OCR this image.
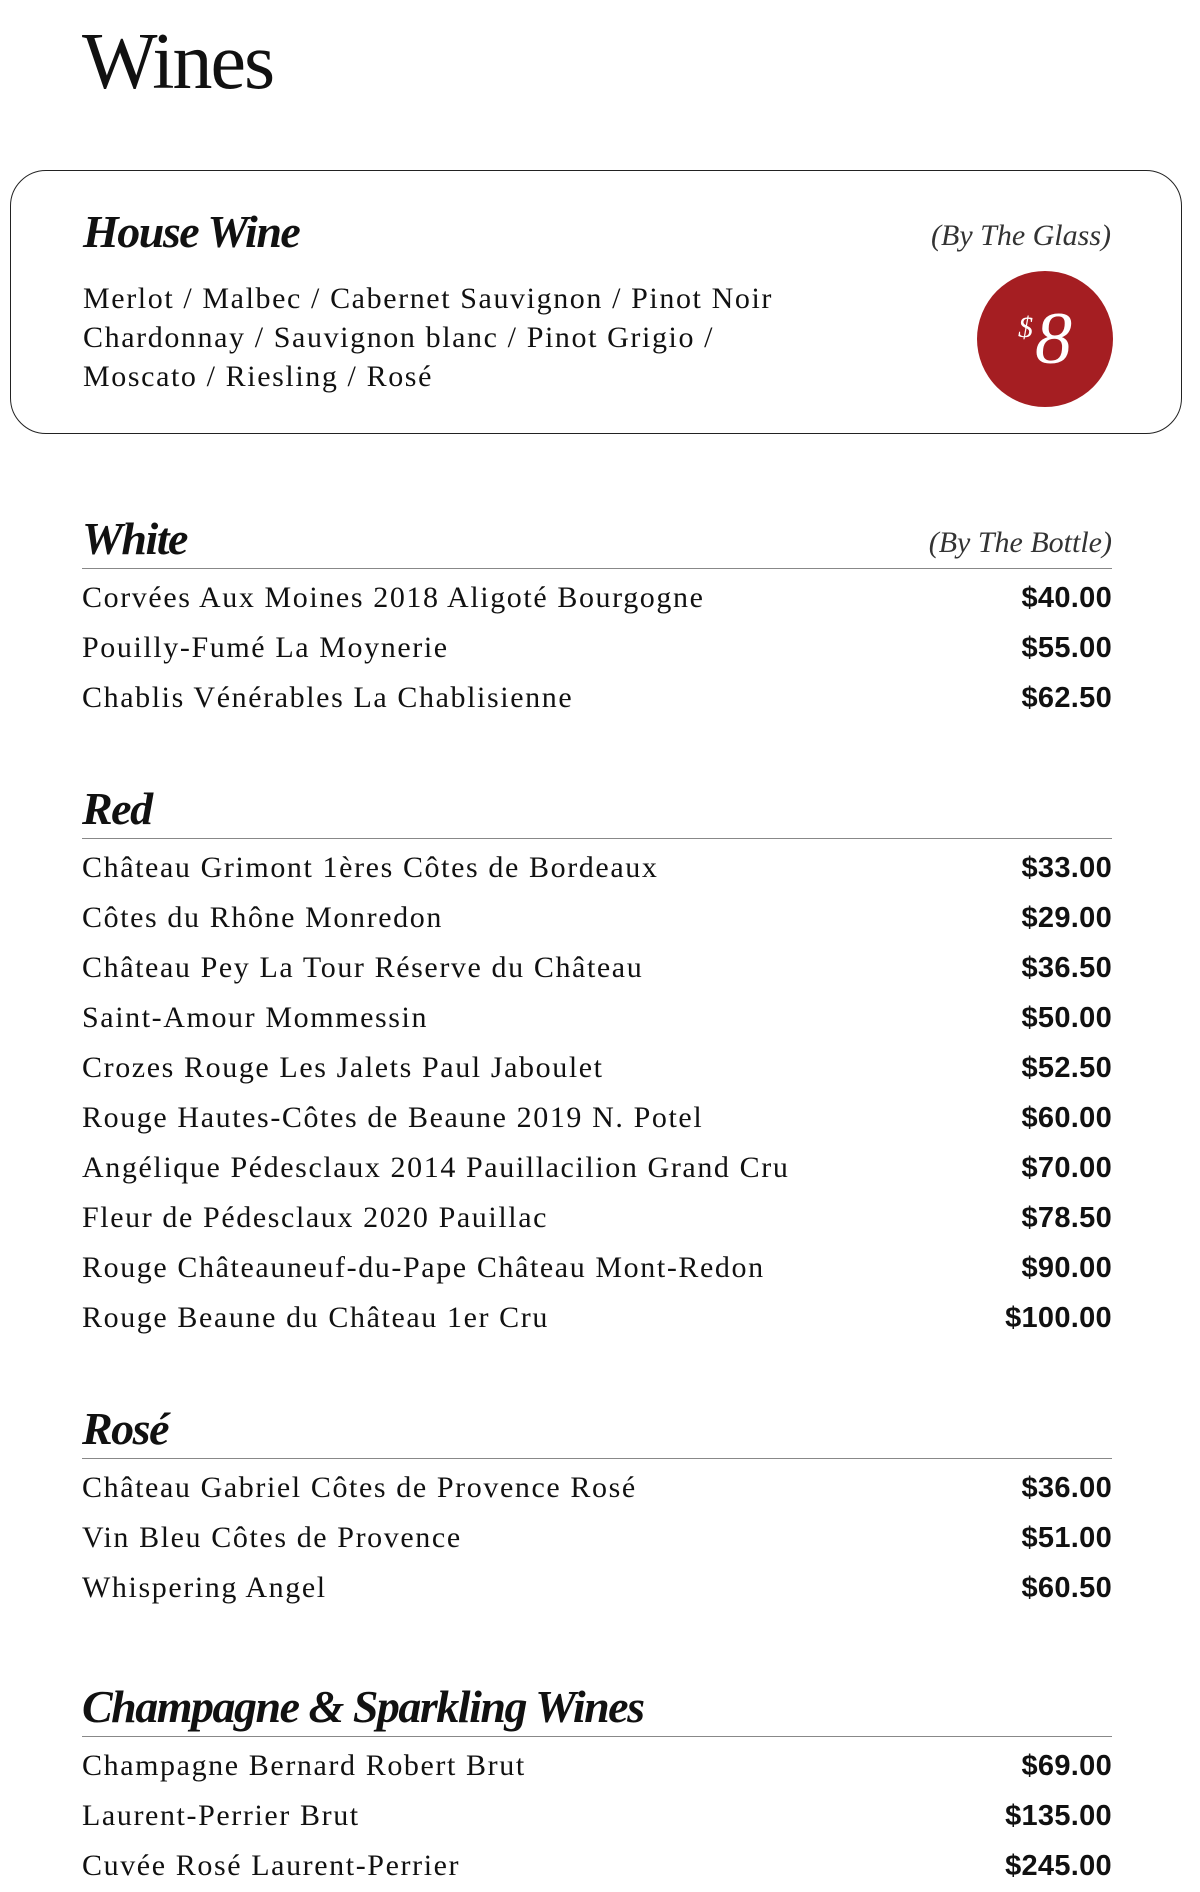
Wines
House Wine	(By The Glass)
Merlot / Malbec / Cabernet Sauvignon / Pinot Noir
Chardonnay / Sauvignon blanc / Pinot Grigio /
Moscato / Riesling / Rosé
$ 8
White	(By The Bottle)
Corvées Aux Moines 2018 Aligoté Bourgogne	$40.00
Pouilly-Fumé La Moynerie	$55.00
Chablis Vénérables La Chablisienne	$62.50
Red
Château Grimont 1ères Côtes de Bordeaux	$33.00
Côtes du Rhône Monredon	$29.00
Château Pey La Tour Réserve du Château	$36.50
Saint-Amour Mommessin	$50.00
Crozes Rouge Les Jalets Paul Jaboulet	$52.50
Rouge Hautes-Côtes de Beaune 2019 N. Potel	$60.00
Angélique Pédesclaux 2014 Pauillacilion Grand Cru	$70.00
Fleur de Pédesclaux 2020 Pauillac	$78.50
Rouge Châteauneuf-du-Pape Château Mont-Redon	$90.00
Rouge Beaune du Château 1er Cru	$100.00
Rosé
Château Gabriel Côtes de Provence Rosé	$36.00
Vin Bleu Côtes de Provence	$51.00
Whispering Angel	$60.50
Champagne & Sparkling Wines
Champagne Bernard Robert Brut	$69.00
Laurent-Perrier Brut	$135.00
Cuvée Rosé Laurent-Perrier	$245.00
